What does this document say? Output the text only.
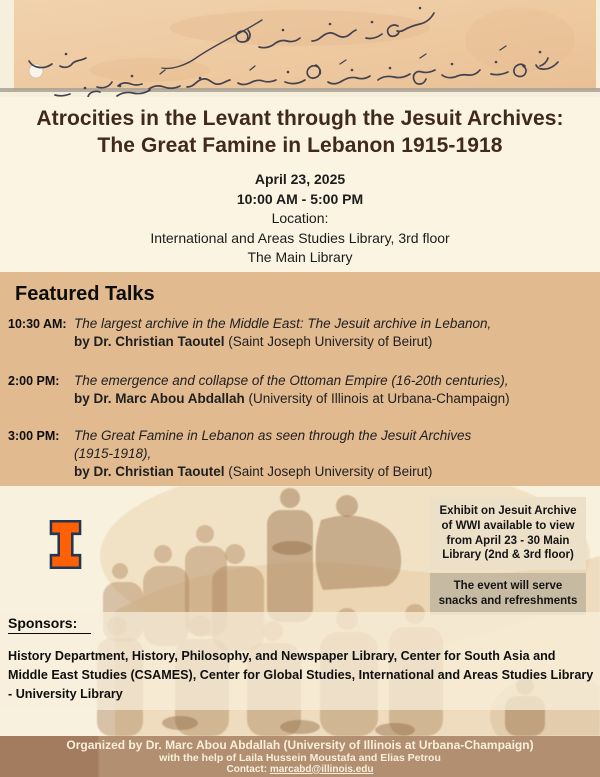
Atrocities in the Levant through the Jesuit Archives:
The Great Famine in Lebanon 1915-1918
April 23, 2025
10:00 AM - 5:00 PM
Location:
International and Areas Studies Library, 3rd floor
The Main Library
Featured Talks
10:30 AM: The largest archive in the Middle East: The Jesuit archive in Lebanon,
by Dr. Christian Taoutel (Saint Joseph University of Beirut)
2:00 PM:	The emergence and collapse of the Ottoman Empire (16-20th centuries),
by Dr. Marc Abou Abdallah (University of Illinois at Urbana-Champaign)
3:00 PM:	The Great Famine in Lebanon as seen through the Jesuit Archives (1915-1918),
by Dr. Christian Taoutel (Saint Joseph University of Beirut)
Exhibit on Jesuit Archive of WWI available to view from April 23 - 30 Main Library (2nd & 3rd floor)
The event will serve snacks and refreshments
Sponsors:
History Department, History, Philosophy, and Newspaper Library, Center for South Asia and Middle East Studies (CSAMES), Center for Global Studies, International and Areas Studies Library - University Library
Organized by Dr. Marc Abou Abdallah (University of Illinois at Urbana-Champaign)
with the help of Laila Hussein Moustafa and Elias Petrou
Contact: marcabd@illinois.edu
